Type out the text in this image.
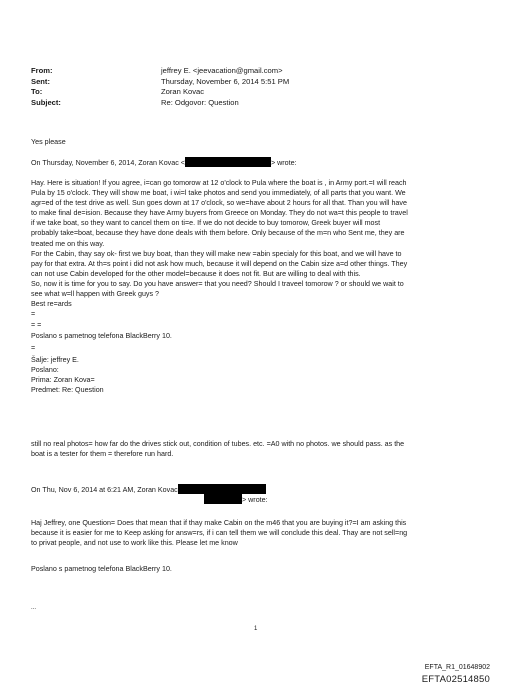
From:	jeffrey E. <jeevacation@gmail.com>
Sent:	Thursday, November 6, 2014 5:51 PM
To:	Zoran Kovac
Subject:	Re: Odgovor: Question
Yes please
On Thursday, November 6, 2014, Zoran Kovac <	> wrote:
Hay. Here is situation! If you agree, i=can go tomorow at 12 o'clock to Pula where the boat is , in Army port.=I will reach
Pula by 15 o'clock. They will show me boat, i wi=l take photos and send you immediately, of all parts that you want. We
agr=ed of the test drive as well. Sun goes down at 17 o'clock, so we=have about 2 hours for all that. Than you will have
to make final de=ision. Because they have Army buyers from Greece on Monday. They do not wa=t this people to travel
if we take boat, so they want to cancel them on ti=e. If we do not decide to buy tomorow, Greek buyer will most
probably take=boat, because they have done deals with them before. Only because of the m=n who Sent me, they are
treated me on this way.
For the Cabin, thay say ok- first we buy boat, than they will make new =abin specialy for this boat, and we will have to
pay for that extra. At th=s point i did not ask how much, because it will depend on the Cabin size a=d other things. They
can not use Cabin developed for the other model=because it does not fit. But are willing to deal with this.
So, now it is time for you to say. Do you have answer= that you need? Should I traveel tomorow ? or should we wait to
see what w=ll happen with Greek guys ?
Best re=ards
=
= =
Poslano s pametnog telefona BlackBerry 10.
=
Šalje: jeffrey E.
Poslano:
Prima: Zoran Kova=
Predmet: Re: Question
still no real photos= how far do the drives stick out, condition of tubes. etc. =A0 with no photos. we should pass. as the
boat is a tester for them = therefore run hard.
On Thu, Nov 6, 2014 at 6:21 AM, Zoran Kovac
> wrote:
Haj Jeffrey, one Question= Does that mean that if thay make Cabin on the m46 that you are buying it?=I am asking this
because it is easier for me to Keep asking for answ=rs, if i can tell them we will conclude this deal. Thay are not sell=ng
to privat people, and not use to work like this. Please let me know
Poslano s pametnog telefona BlackBerry 10.
...
1
EFTA_R1_01648902
EFTA02514850
